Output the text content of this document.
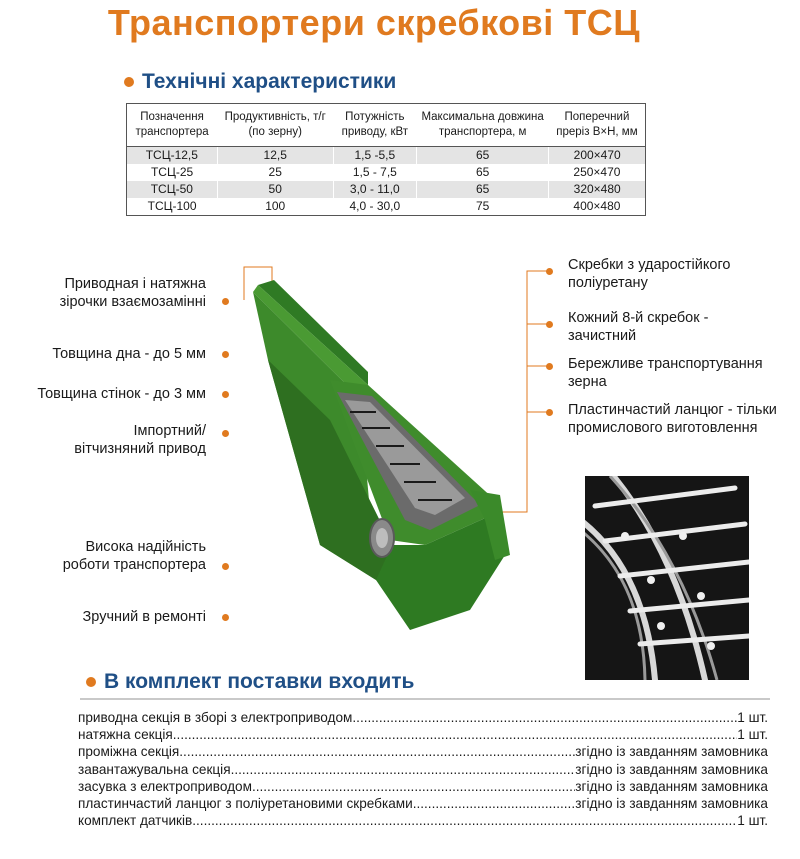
Транспортери скребкові ТСЦ
Технічні характеристики
Позначення транспортера	Продуктивність, т/г (по зерну)	Потужність приводу, кВт	Максимальна довжина транспортера, м	Поперечний преріз В×Н, мм
ТСЦ-12,5	12,5	1,5 -5,5	65	200×470
ТСЦ-25	25	1,5 - 7,5	65	250×470
ТСЦ-50	50	3,0 - 11,0	65	320×480
ТСЦ-100	100	4,0 - 30,0	75	400×480
Приводная і натяжна зірочки взаємозамінні
Товщина дна - до 5 мм
Товщина стінок - до 3 мм
Імпортний/ вітчизняний привод
Висока надійність роботи транспортера
Зручний в ремонті
Скребки з ударостійкого поліуретану
Кожний 8-й скребок - зачистний
Бережливе транспортування зерна
Пластинчастий ланцюг - тільки промислового виготовлення
В комплект поставки входить
приводна секція в зборі з електроприводом .....	1 шт.
натяжна секція .....	1 шт.
проміжна секція .....	згідно із завданням замовника
завантажувальна секція .....	згідно із завданням замовника
засувка з електроприводом .....	згідно із завданням замовника
пластинчастий ланцюг з поліуретановими скребками .....	згідно із завданням замовника
комплект датчиків .....	1 шт.
